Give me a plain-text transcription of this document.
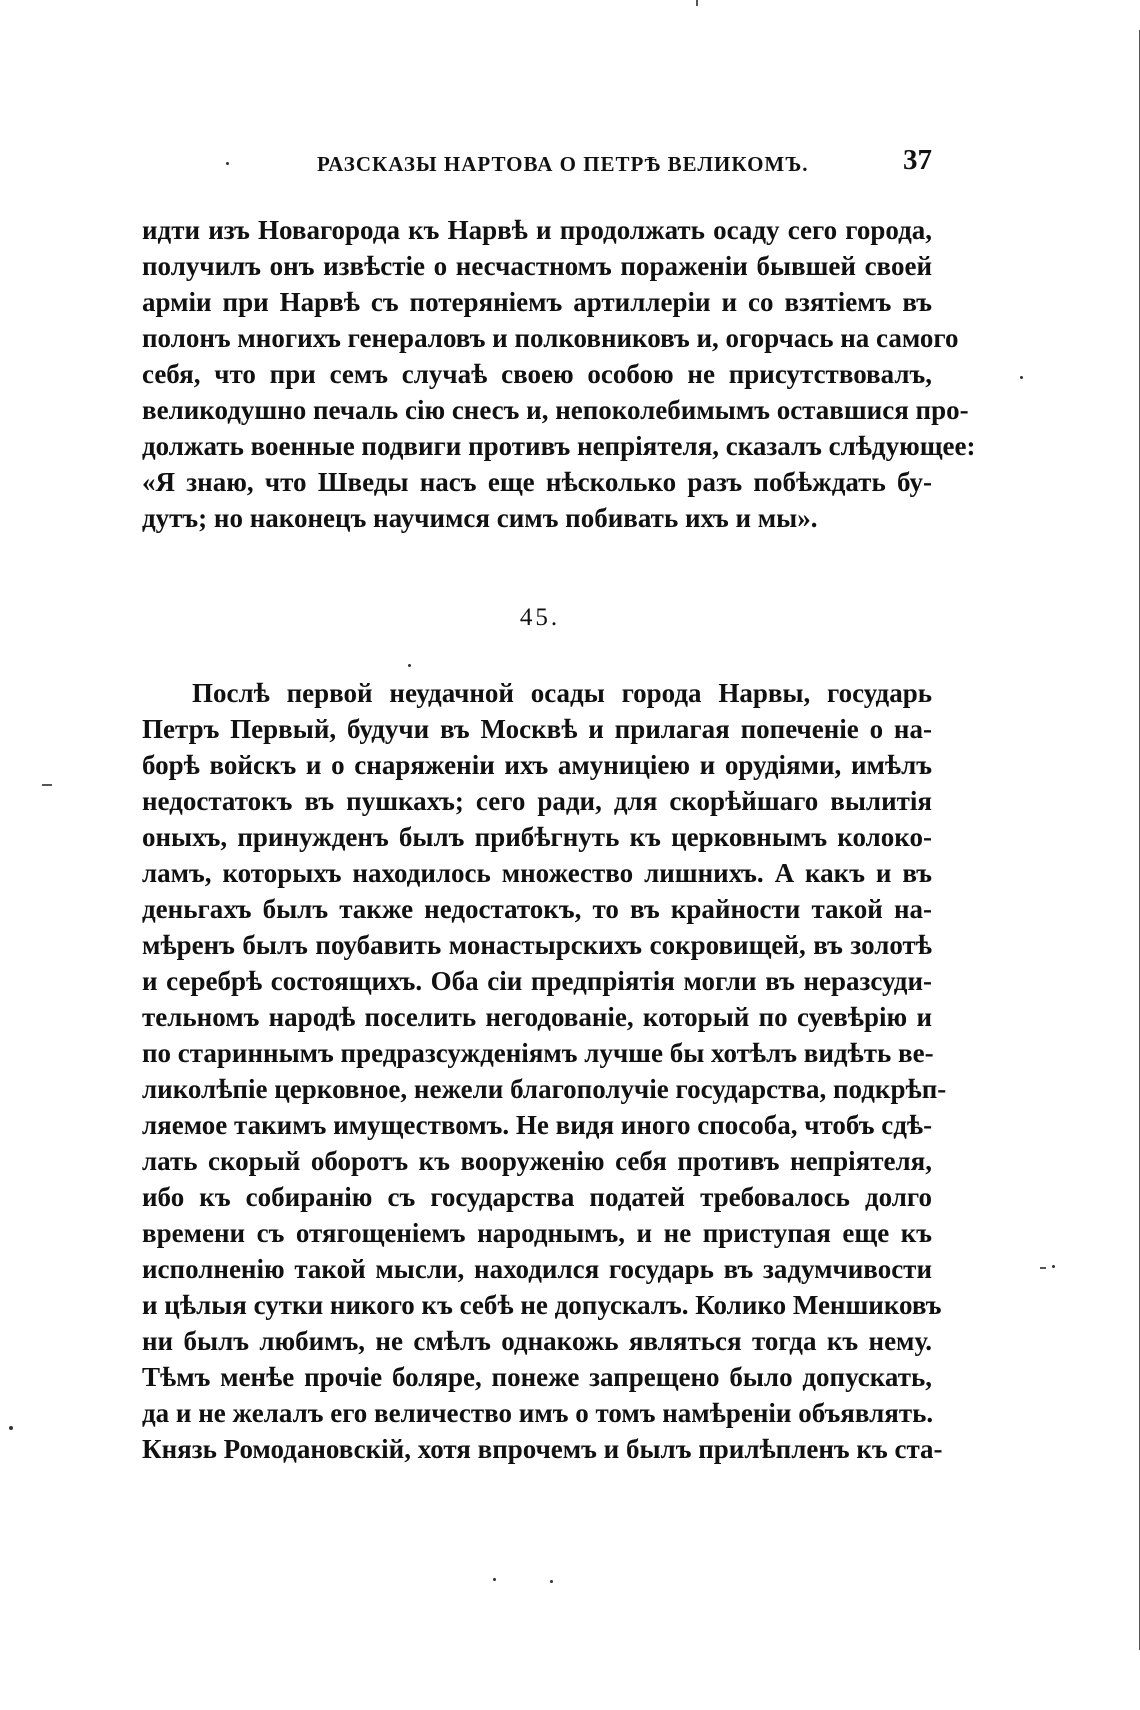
РАЗСКАЗЫ НАРТОВА О ПЕТРѢ ВЕЛИКОМЪ.	37
идти изъ Новагорода къ Нарвѣ и продолжать осаду сего города,
получилъ онъ извѣстіе о несчастномъ пораженіи бывшей своей
арміи при Нарвѣ съ потеряніемъ артиллеріи и со взятіемъ въ
полонъ многихъ генераловъ и полковниковъ и, огорчась на самого
себя, что при семъ случаѣ своею особою не присутствовалъ,
великодушно печаль сію снесъ и, непоколебимымъ оставшися про-
должать военные подвиги противъ непріятеля, сказалъ слѣдующее:
«Я знаю, что Шведы насъ еще нѣсколько разъ побѣждать бу-
дутъ; но наконецъ научимся симъ побивать ихъ и мы».
45.
Послѣ первой неудачной осады города Нарвы, государь
Петръ Первый, будучи въ Москвѣ и прилагая попеченіе о на-
борѣ войскъ и о снаряженіи ихъ амуниціею и орудіями, имѣлъ
недостатокъ въ пушкахъ; сего ради, для скорѣйшаго вылитія
оныхъ, принужденъ былъ прибѣгнуть къ церковнымъ колоко-
ламъ, которыхъ находилось множество лишнихъ. А какъ и въ
деньгахъ былъ также недостатокъ, то въ крайности такой на-
мѣренъ былъ поубавить монастырскихъ сокровищей, въ золотѣ
и серебрѣ состоящихъ. Оба сіи предпріятія могли въ неразсуди-
тельномъ народѣ поселить негодованіе, который по суевѣрію и
по стариннымъ предразсужденіямъ лучше бы хотѣлъ видѣть ве-
ликолѣпіе церковное, нежели благополучіе государства, подкрѣп-
ляемое такимъ имуществомъ. Не видя иного способа, чтобъ сдѣ-
лать скорый оборотъ къ вооруженію себя противъ непріятеля,
ибо къ собиранію съ государства податей требовалось долго
времени съ отягощеніемъ народнымъ, и не приступая еще къ
исполненію такой мысли, находился государь въ задумчивости
и цѣлыя сутки никого къ себѣ не допускалъ. Колико Меншиковъ
ни былъ любимъ, не смѣлъ однакожь являться тогда къ нему.
Тѣмъ менѣе прочіе боляре, понеже запрещено было допускать,
да и не желалъ его величество имъ о томъ намѣреніи объявлять.
Князь Ромодановскій, хотя впрочемъ и былъ прилѣпленъ къ ста-
